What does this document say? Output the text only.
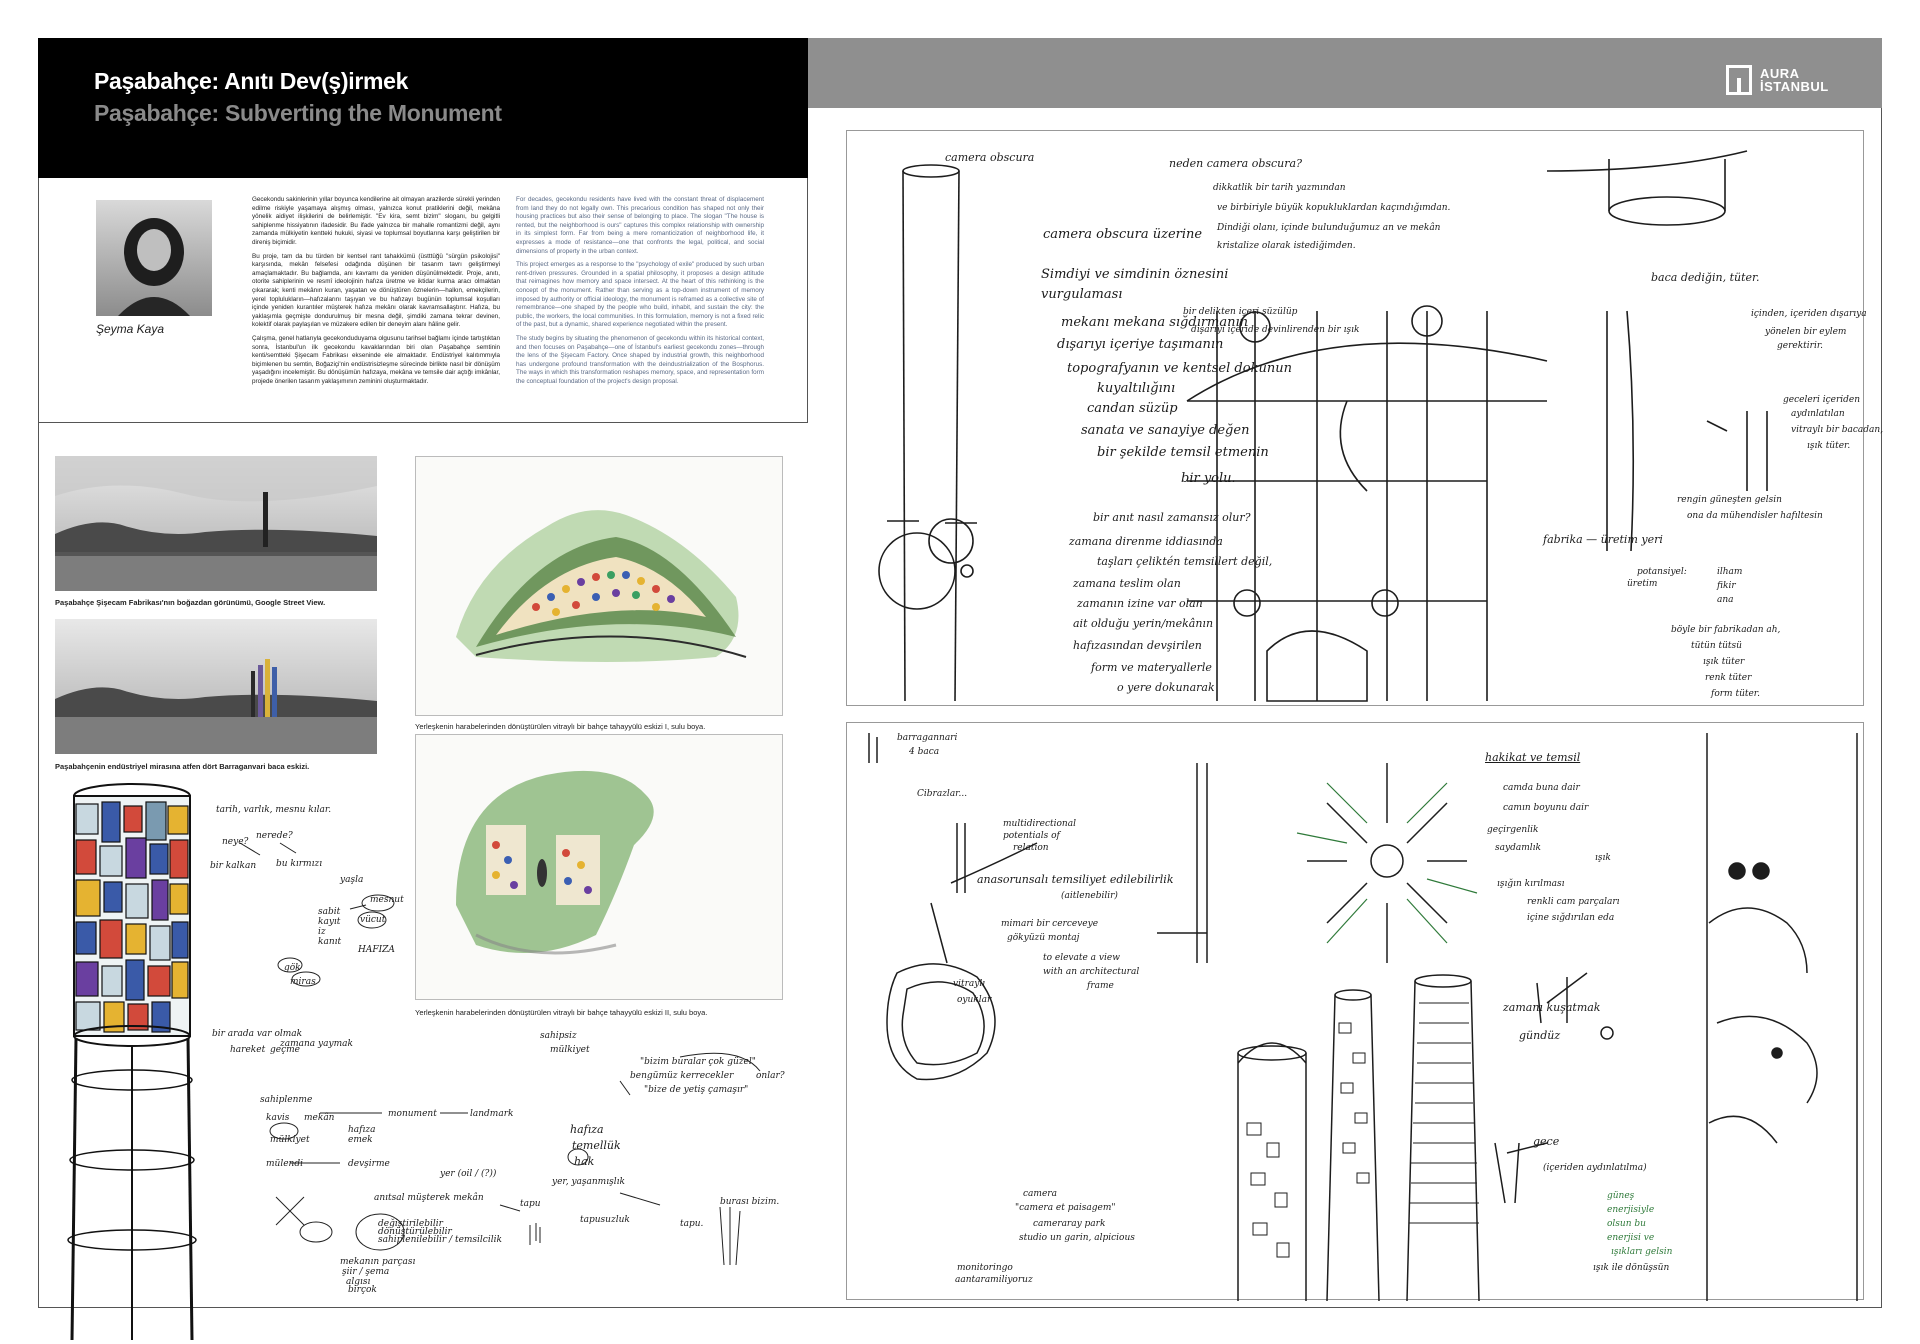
Paşabahçe: Anıtı Dev(ş)irmek
Paşabahçe: Subverting the Monument
AURA
İSTANBUL
Şeyma Kaya

Gecekondu sakinlerinin yıllar boyunca kendilerine ait olmayan arazilerde sürekli yerinden edilme riskiyle yaşamaya alışmış olması, yalnızca konut pratiklerini değil, mekâna yönelik aidiyet ilişkilerini de belirlemiştir. "Ev kira, semt bizim" sloganı, bu gelgitli sahiplenme hissiyatının ifadesidir. Bu ifade yalnızca bir mahalle romantizmi değil, aynı zamanda mülkiyetin kentteki hukuki, siyasi ve toplumsal boyutlarına karşı geliştirilen bir direniş biçimidir.

Bu proje, tam da bu türden bir kentsel rant tahakkümü (üstttüğü "sürgün psikolojisi" karşısında, mekân felsefesi odağında düşünen bir tasarım tavrı geliştirmeyi amaçlamaktadır. Bu bağlamda, anı kavramı da yeniden düşünülmektedir. Proje, anıtı, otorite sahiplerinin ve resmî ideolojinin hafıza üretme ve iktidar kurma aracı olmaktan çıkararak; kenti mekânın kuran, yaşatan ve dönüştüren öznelerin—halkın, emekçilerin, yerel toplulukların—hafızalarını taşıyan ve bu hafızayı bugünün toplumsal koşulları içinde yeniden kurantıler müşterek hafıza mekânı olarak kavramsallaştırır. Hafıza, bu yaklaşımla geçmişte dondurulmuş bir mesna değil, şimdiki zamana tekrar devinen, kolektif olarak paylaşılan ve müzakere edilen bir deneyim alanı hâline gelir.

Çalışma, genel hatlarıyla gecekonduduyama olgusunu tarihsel bağlamı içinde tartıştıktan sonra, İstanbul'un ilk gecekondu kavaklarından biri olan Paşabahçe semtinin kenti/semtteki Şişecam Fabrikası ekseninde ele almaktadır. Endüstriyel kalıtımmıyla biçimlenen bu semtin, Boğaziçi'nin endüstrisizleşme sürecinde birlikte nasıl bir dönüşüm yaşadığını incelemiştir. Bu dönüşümün hafızaya, mekâna ve temsile dair açtığı imkânlar, projede önerilen tasarım yaklaşımının zeminini oluşturmaktadır.

For decades, gecekondu residents have lived with the constant threat of displacement from land they do not legally own. This precarious condition has shaped not only their housing practices but also their sense of belonging to place. The slogan "The house is rented, but the neighborhood is ours" captures this complex relationship with ownership in its simplest form. Far from being a mere romanticization of neighborhood life, it expresses a mode of resistance—one that confronts the legal, political, and social dimensions of property in the urban context.

This project emerges as a response to the "psychology of exile" produced by such urban rent-driven pressures. Grounded in a spatial philosophy, it proposes a design attitude that reimagines how memory and space intersect. At the heart of this rethinking is the concept of the monument. Rather than serving as a top-down instrument of memory imposed by authority or official ideology, the monument is reframed as a collective site of remembrance—one shaped by the people who build, inhabit, and sustain the city: the public, the workers, the local communities. In this formulation, memory is not a fixed relic of the past, but a dynamic, shared experience negotiated within the present.

The study begins by situating the phenomenon of gecekondu within its historical context, and then focuses on Paşabahçe—one of İstanbul's earliest gecekondu zones—through the lens of the Şişecam Factory. Once shaped by industrial growth, this neighborhood has undergone profound transformation with the deindustrialization of the Bosphorus. The ways in which this transformation reshapes memory, space, and representation form the conceptual foundation of the project's design proposal.

Paşabahçe Şişecam Fabrikası'nın boğazdan görünümü, Google Street View.
Paşabahçenin endüstriyel mirasına atfen dört Barraganvari baca eskizi.
Yerleşkenin harabelerinden dönüştürülen vitraylı bir bahçe tahayyülü eskizi I, sulu boya.
Yerleşkenin harabelerinden dönüştürülen vitraylı bir bahçe tahayyülü eskizi II, sulu boya.
tarih, varlık, mesnu kılar.
neye?
nerede?
bir kalkan bu kırmızı
yaşla
sabit
kayıt
iz
kanıt
mesnut
vücut
HAFIZA
gök
miras
bir arada var olmak
zamana yaymak
hareket geçme
sahiplenme
kavis mekân	monument	landmark
hafıza
emek
mülkiyet
mülendi	devşirme
yer (oil / (?))
anıtsal müşterek mekân
değiştirilebilir
dönüştürülebilir
sahiplenilebilir / temsilcilik
sahipsiz
mülkiyet
"bizim buralar çok güzel"
bengümüz kerrecekler
"bize de yetiş çamaşır"
onlar?
hafıza
temellük
hak
yer, yaşanmışlık
tapu
tapusuzluk	tapu.
burası bizim.
mekanın parçası
şiir / şema
algısı
birçok
camera obscura	neden camera obscura?
dikkatlik bir tarih yazmından
ve birbiriyle büyük kopukluklardan kaçındığımdan.
Dindiği olanı, içinde bulunduğumuz an ve mekân
kristalize olarak istediğimden.
camera obscura üzerine
Simdiyi ve simdinin öznesini
vurgulaması
mekanı mekana sığdırmanın
dışarıyı içeriye taşımanın
topografyanın ve kentsel dokunun
kuyaltılığını
candan süzüp
sanata ve sanayiye değen
bir şekilde temsil etmenin
bir yolu.
bir delikten içeri süzülüp
dışarıyı içeride devinlirenden bir ışık
bir anıt nasıl zamansız olur?
zamana direnme iddiasında
taşları çeliktén temsillert değil,
zamana teslim olan
zamanın izine var olan
ait olduğu yerin/mekânın
hafızasından devşirilen
form ve materyallerle
o yere dokunarak
baca dediğin, tüter.
içinden, içeriden dışarıya
yönelen bir eylem
gerektirir.
geceleri içeriden
aydınlatılan
vitraylı bir bacadan,
ışık tüter.
rengin güneşten gelsin
ona da mühendisler hafıltesin
fabrika — üretim yeri
potansiyel:
üretim
ilham
fikir
ana
böyle bir fabrikadan ah,
tütün tütsü
ışık tüter
renk tüter
form tüter.
barragannari
4 baca
Cibrazlar...
multidirectional
potentials of
relation
anasorunsalı temsiliyet edilebilirlik
(aitlenebilir)
mimari bir cerceveye
gökyüzü montaj
to elevate a view
with an architectural
frame
vitraylı
oyuklar
hakikat ve temsil
camda buna dair
camın boyunu dair
geçirgenlik
saydamlık
ışık
ışığın kırılması
renkli cam parçaları
içine sığdırılan eda
zamanı kuşatmak
gündüz
gece
(içeriden aydınlatılma)
güneş
enerjisiyle
olsun bu
enerjisi ve
ışıkları gelsin
ışık ile dönüşsün
camera
"camera et paisagem"
cameraray park
studio un garin, alpicious
monitoringo
aantaramiliyoruz
